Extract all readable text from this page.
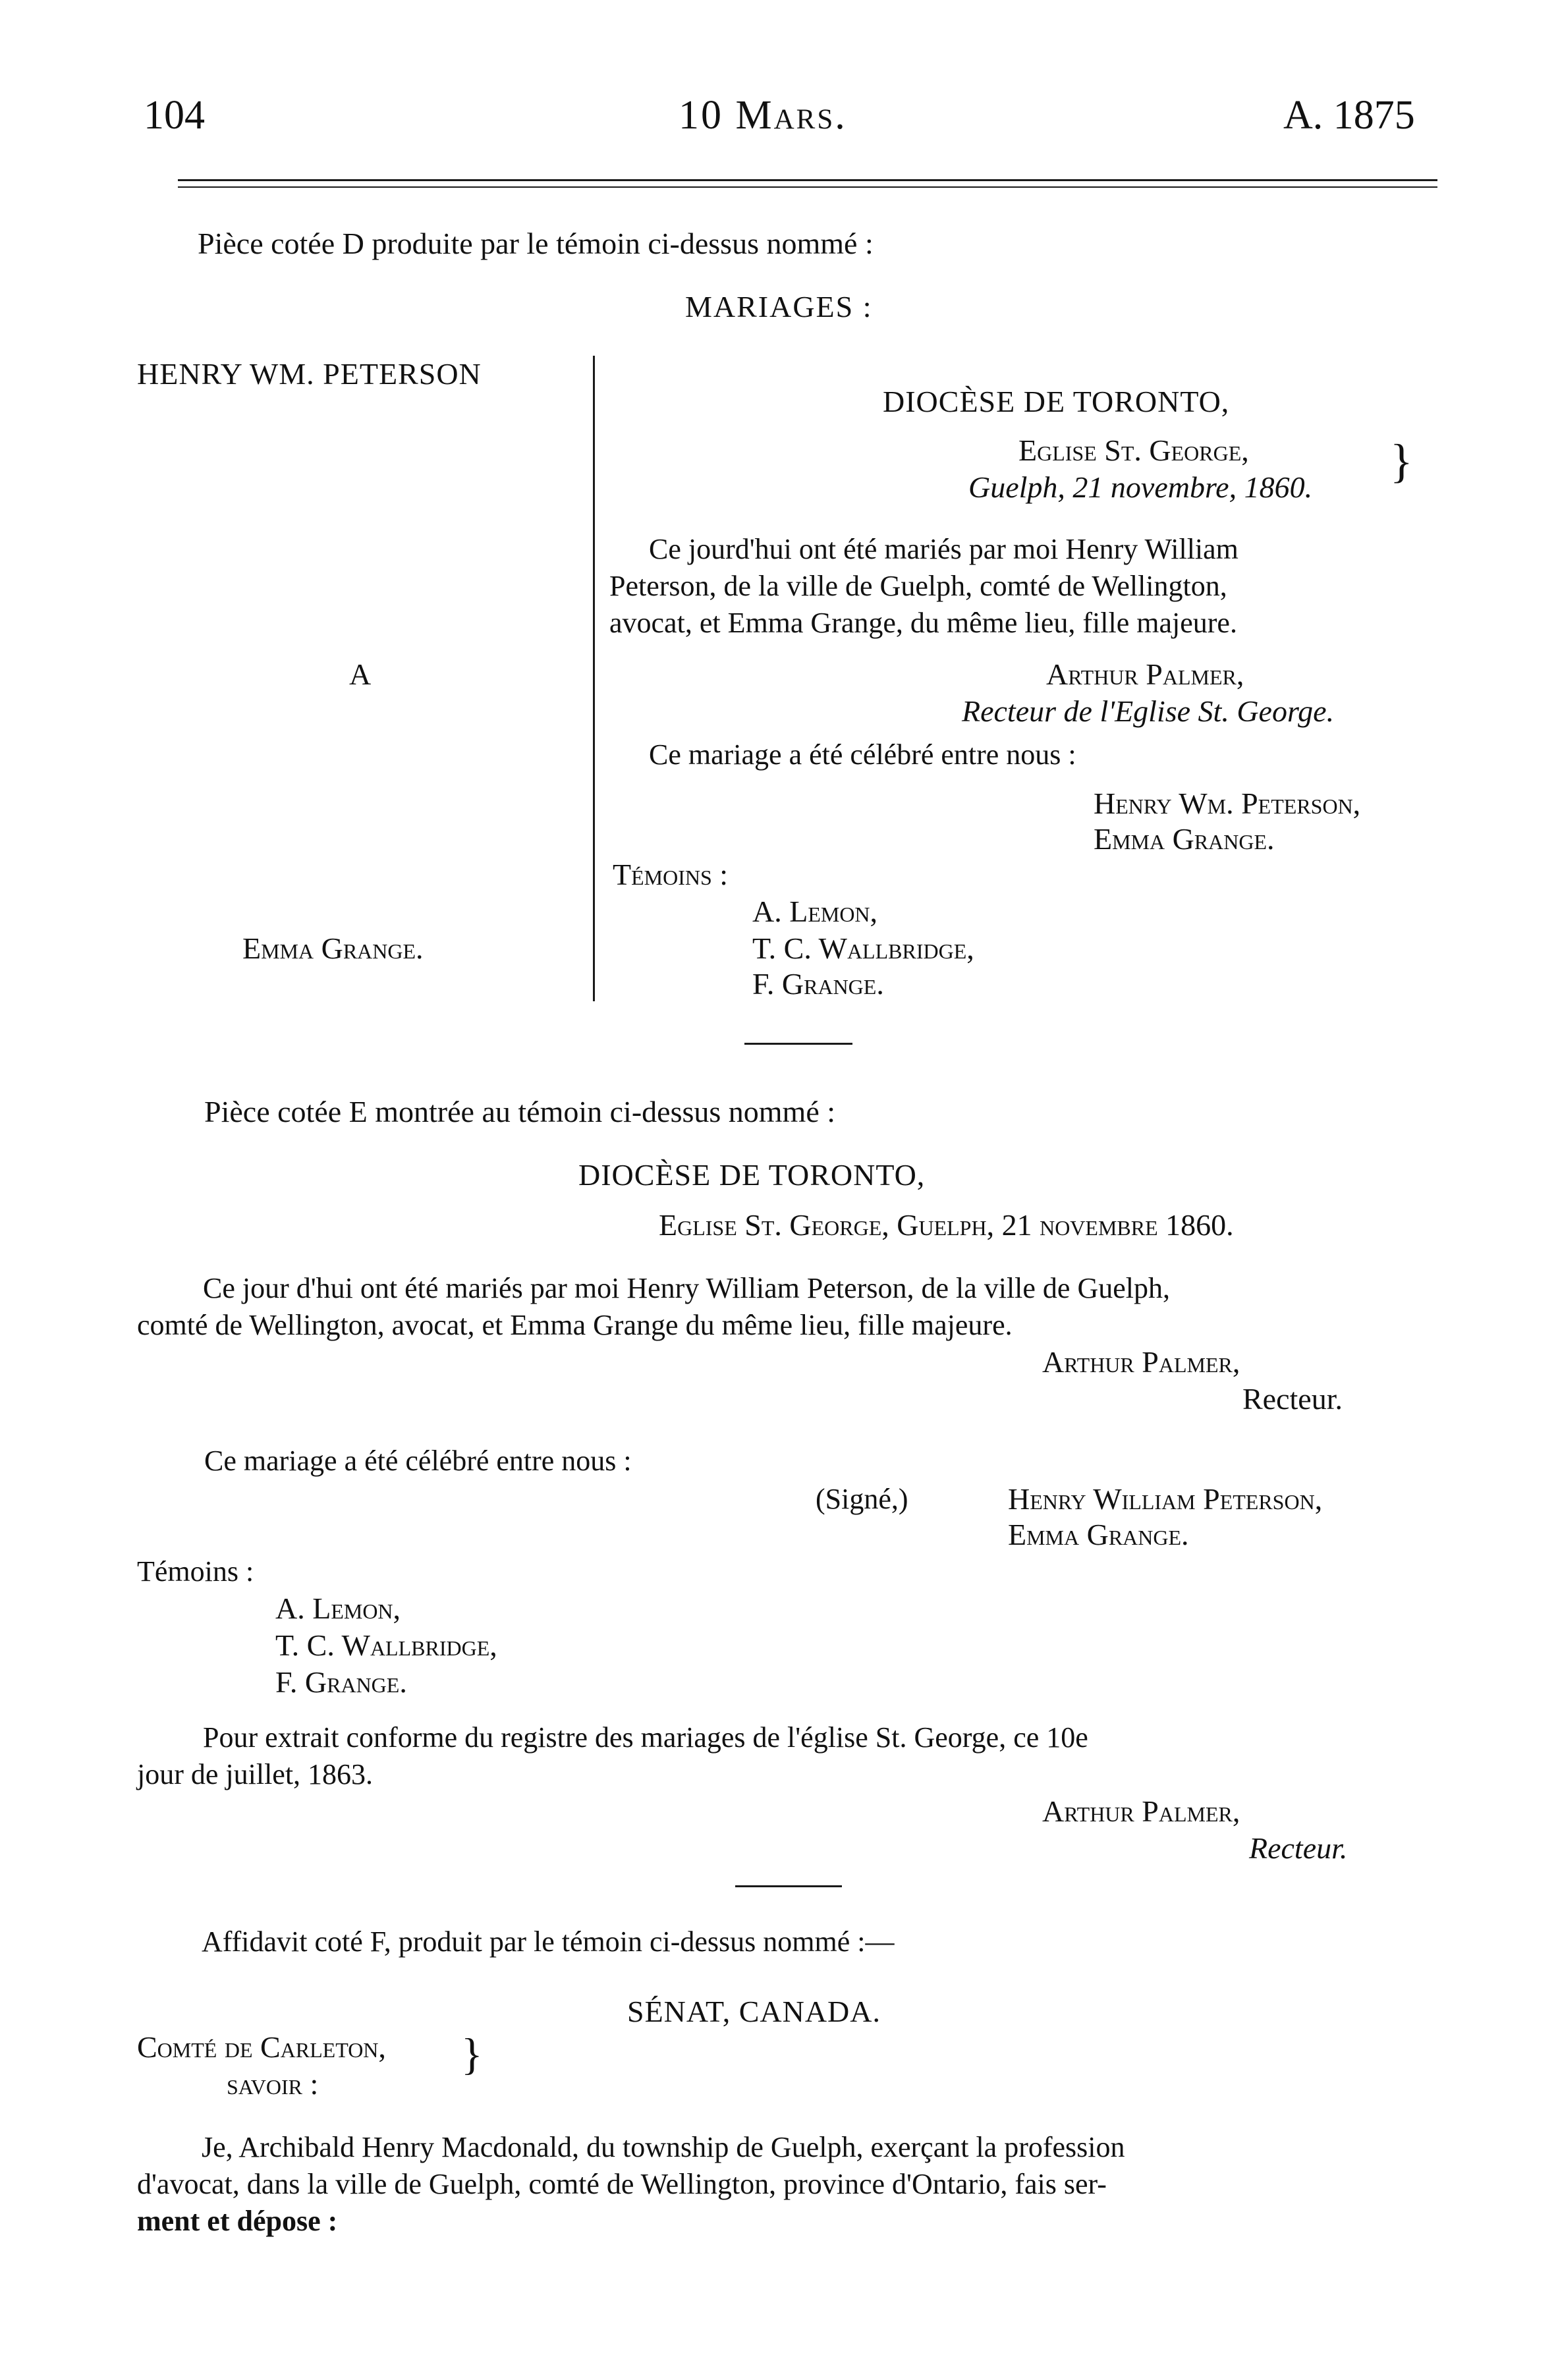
104	10 Mars.	A. 1875
Pièce cotée D produite par le témoin ci-dessus nommé :
MARIAGES :
HENRY WM. PETERSON
A
Emma Grange.
DIOCÈSE DE TORONTO,
Eglise St. George,
Guelph, 21 novembre, 1860. }
Ce jourd'hui ont été mariés par moi Henry William
Peterson, de la ville de Guelph, comté de Wellington,
avocat, et Emma Grange, du même lieu, fille majeure.
Arthur Palmer,
Recteur de l'Eglise St. George.
Ce mariage a été célébré entre nous :
Henry Wm. Peterson,
Emma Grange.
Témoins :
A. Lemon,
T. C. Wallbridge,
F. Grange.
Pièce cotée E montrée au témoin ci-dessus nommé :
DIOCÈSE DE TORONTO,
Eglise St. George, Guelph, 21 novembre 1860.
Ce jour d'hui ont été mariés par moi Henry William Peterson, de la ville de Guelph,
comté de Wellington, avocat, et Emma Grange du même lieu, fille majeure.
Arthur Palmer,
Recteur.
Ce mariage a été célébré entre nous :
(Signé,)	Henry William Peterson,
Emma Grange.
Témoins :
A. Lemon,
T. C. Wallbridge,
F. Grange.
Pour extrait conforme du registre des mariages de l'église St. George, ce 10e
jour de juillet, 1863.
Arthur Palmer,
Recteur.
Affidavit coté F, produit par le témoin ci-dessus nommé :—
SÉNAT, CANADA.
Comté de Carleton,
savoir :
}
Je, Archibald Henry Macdonald, du township de Guelph, exerçant la profession
d'avocat, dans la ville de Guelph, comté de Wellington, province d'Ontario, fais ser-
ment et dépose :
